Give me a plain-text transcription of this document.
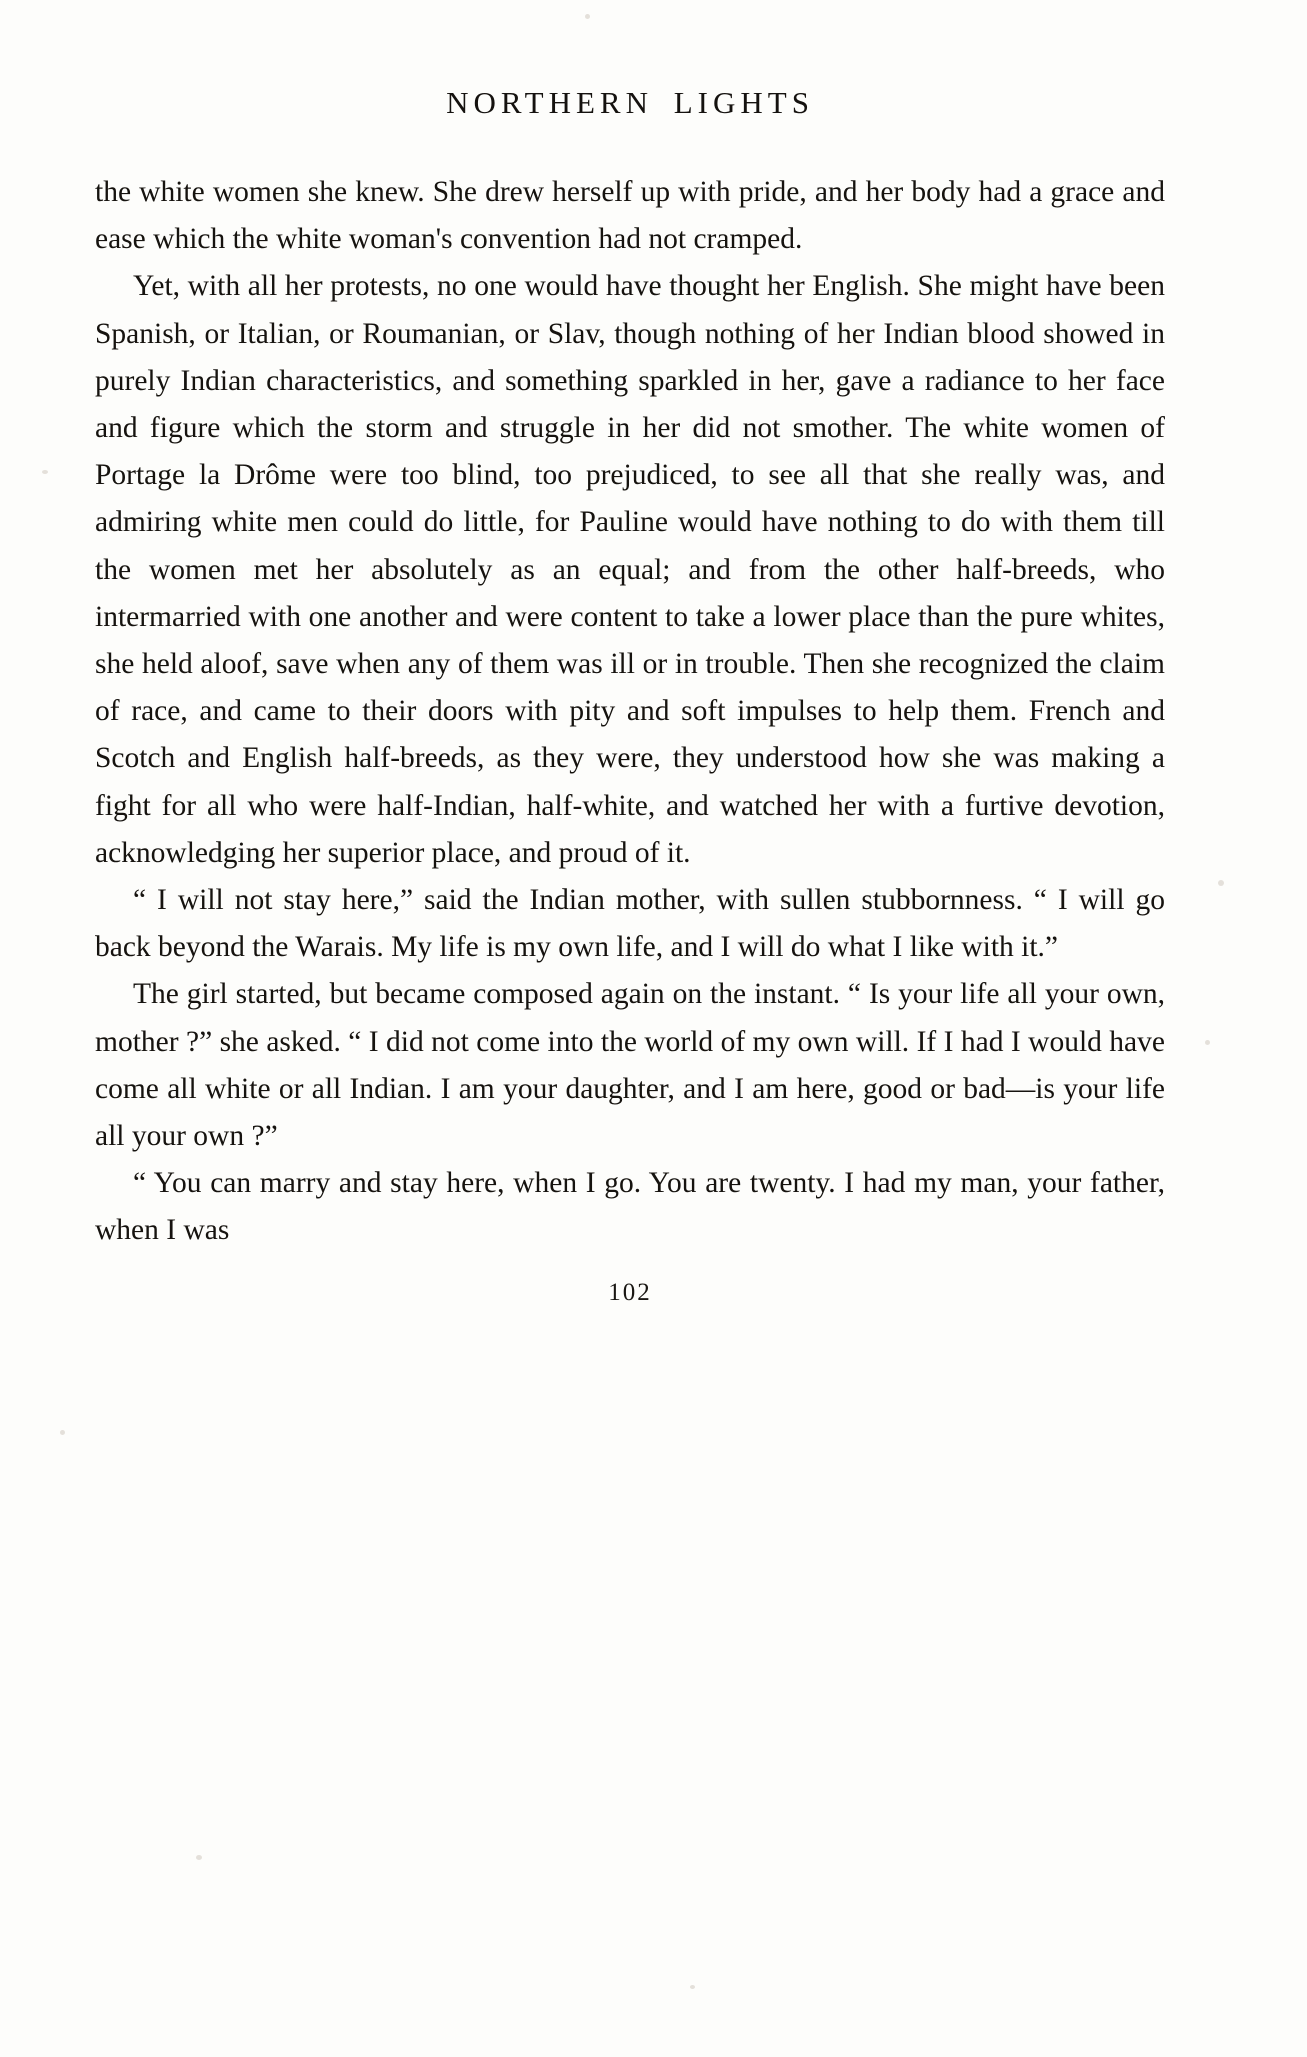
NORTHERN LIGHTS

the white women she knew. She drew herself up with pride, and her body had a grace and ease which the white woman's convention had not cramped.

Yet, with all her protests, no one would have thought her English. She might have been Spanish, or Italian, or Roumanian, or Slav, though nothing of her Indian blood showed in purely Indian characteristics, and something sparkled in her, gave a radiance to her face and figure which the storm and struggle in her did not smother. The white women of Portage la Drôme were too blind, too prejudiced, to see all that she really was, and admiring white men could do little, for Pauline would have nothing to do with them till the women met her absolutely as an equal; and from the other half-breeds, who intermarried with one another and were content to take a lower place than the pure whites, she held aloof, save when any of them was ill or in trouble. Then she recognized the claim of race, and came to their doors with pity and soft impulses to help them. French and Scotch and English half-breeds, as they were, they understood how she was making a fight for all who were half-Indian, half-white, and watched her with a furtive devotion, acknowledging her superior place, and proud of it.

“ I will not stay here,” said the Indian mother, with sullen stubbornness. “ I will go back beyond the Warais. My life is my own life, and I will do what I like with it.”

The girl started, but became composed again on the instant. “ Is your life all your own, mother ?” she asked. “ I did not come into the world of my own will. If I had I would have come all white or all Indian. I am your daughter, and I am here, good or bad—is your life all your own ?”

“ You can marry and stay here, when I go. You are twenty. I had my man, your father, when I was

102
